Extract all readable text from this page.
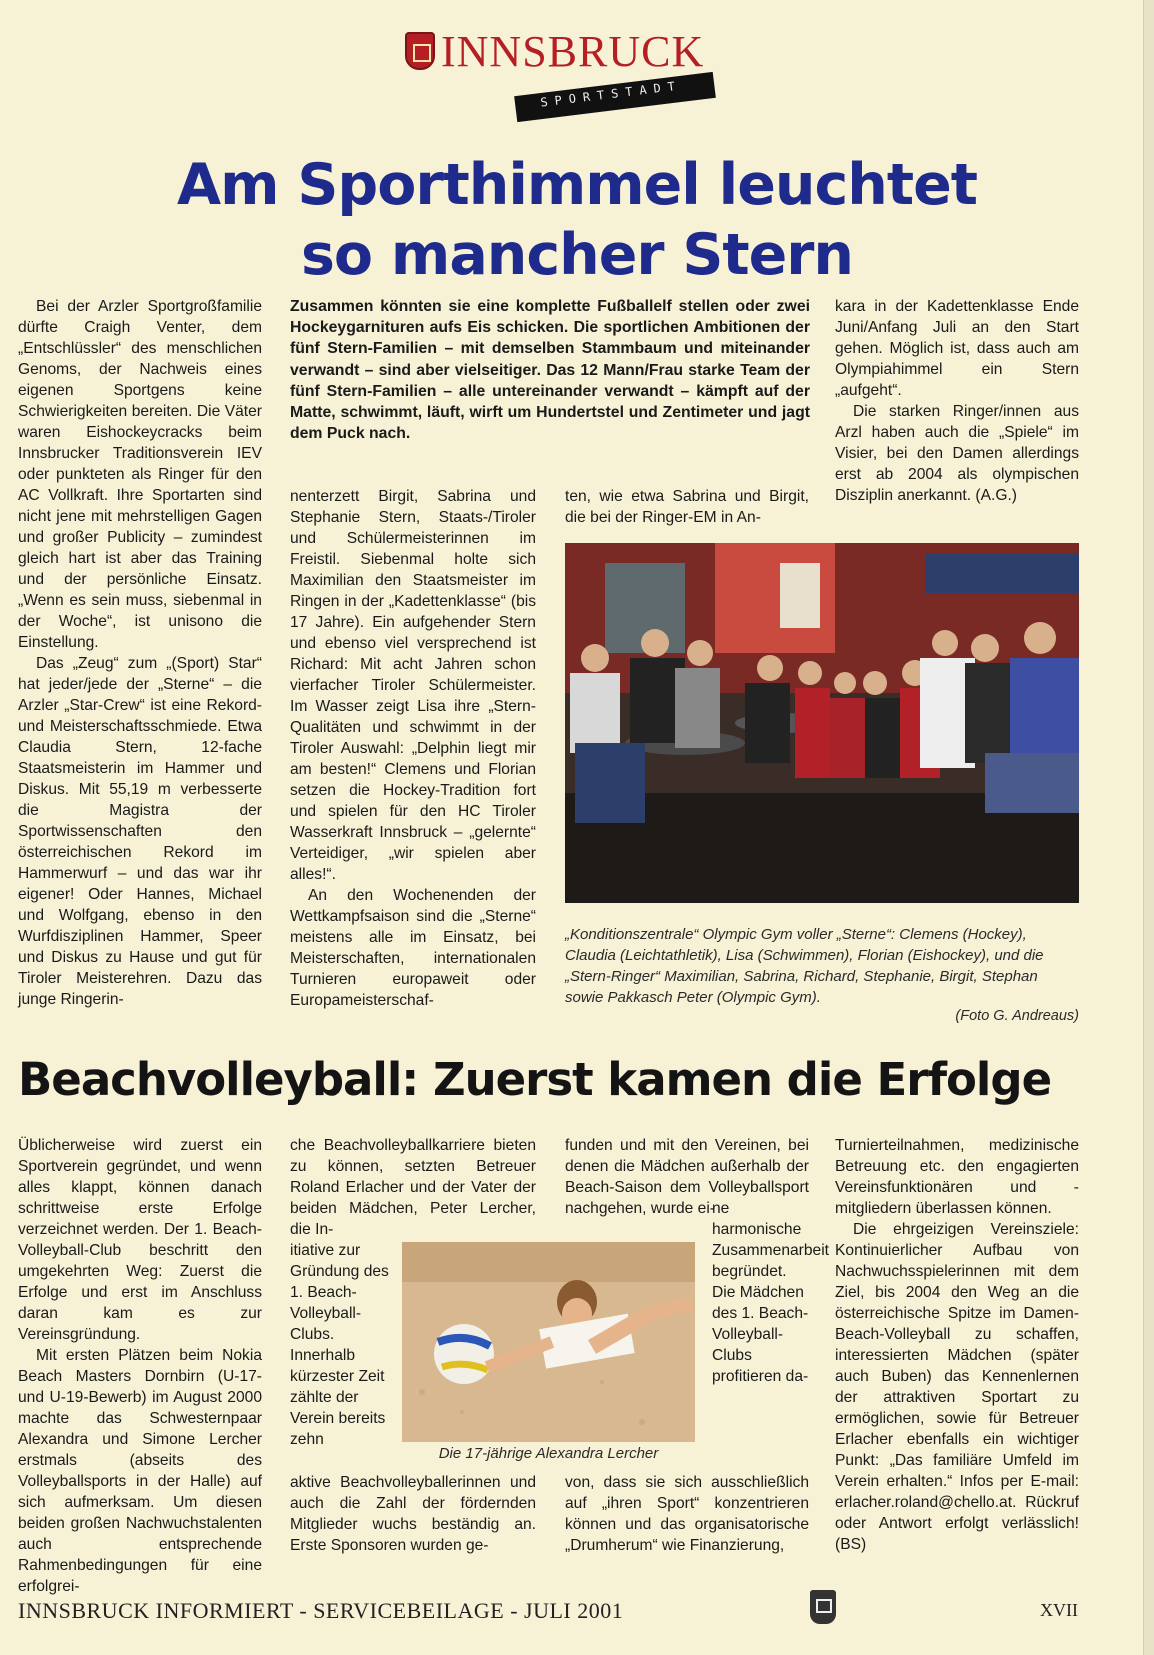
INNSBRUCK
SPORTSTADT
Am Sporthimmel leuchtet
so mancher Stern

Bei der Arzler Sportgroßfamilie dürfte Craigh Venter, dem „Entschlüssler“ des menschlichen Genoms, der Nachweis eines eigenen Sportgens keine Schwierigkeiten bereiten. Die Väter waren Eishockeycracks beim Innsbrucker Traditionsverein IEV oder punkteten als Ringer für den AC Vollkraft. Ihre Sportarten sind nicht jene mit mehrstelligen Gagen und großer Publicity – zumindest gleich hart ist aber das Training und der persönliche Einsatz. „Wenn es sein muss, siebenmal in der Woche“, ist unisono die Einstellung.

Das „Zeug“ zum „(Sport) Star“ hat jeder/jede der „Sterne“ – die Arzler „Star-Crew“ ist eine Rekord- und Meisterschaftsschmiede. Etwa Claudia Stern, 12-fache Staatsmeisterin im Hammer und Diskus. Mit 55,19 m verbesserte die Magistra der Sportwissenschaften den österreichischen Rekord im Hammerwurf – und das war ihr eigener! Oder Hannes, Michael und Wolfgang, ebenso in den Wurfdisziplinen Hammer, Speer und Diskus zu Hause und gut für Tiroler Meisterehren. Dazu das junge Ringerin-

Zusammen könnten sie eine komplette Fußballelf stellen oder zwei Hockeygarnituren aufs Eis schicken. Die sportlichen Ambitionen der fünf Stern-Familien – mit demselben Stammbaum und miteinander verwandt – sind aber vielseitiger. Das 12 Mann/Frau starke Team der fünf Stern-Familien – alle untereinander verwandt – kämpft auf der Matte, schwimmt, läuft, wirft um Hundertstel und Zentimeter und jagt dem Puck nach.

nenterzett Birgit, Sabrina und Stephanie Stern, Staats-/Tiroler und Schülermeisterinnen im Freistil. Siebenmal holte sich Maximilian den Staatsmeister im Ringen in der „Kadettenklasse“ (bis 17 Jahre). Ein aufgehender Stern und ebenso viel versprechend ist Richard: Mit acht Jahren schon vierfacher Tiroler Schülermeister. Im Wasser zeigt Lisa ihre „Stern-Qualitäten und schwimmt in der Tiroler Auswahl: „Delphin liegt mir am besten!“ Clemens und Florian setzen die Hockey-Tradition fort und spielen für den HC Tiroler Wasserkraft Innsbruck – „gelernte“ Verteidiger, „wir spielen aber alles!“.

An den Wochenenden der Wettkampfsaison sind die „Sterne“ meistens alle im Einsatz, bei Meisterschaften, internationalen Turnieren europaweit oder Europameisterschaf-

ten, wie etwa Sabrina und Birgit, die bei der Ringer-EM in An-

kara in der Kadettenklasse Ende Juni/Anfang Juli an den Start gehen. Möglich ist, dass auch am Olympiahimmel ein Stern „aufgeht“.

Die starken Ringer/innen aus Arzl haben auch die „Spiele“ im Visier, bei den Damen allerdings erst ab 2004 als olympischen Disziplin anerkannt. (A.G.)

„Konditionszentrale“ Olympic Gym voller „Sterne“: Clemens (Hockey), Claudia (Leichtathletik), Lisa (Schwimmen), Florian (Eishockey), und die „Stern-Ringer“ Maximilian, Sabrina, Richard, Stephanie, Birgit, Stephan sowie Pakkasch Peter (Olympic Gym).
(Foto G. Andreaus)
Beachvolleyball: Zuerst kamen die Erfolge

Üblicherweise wird zuerst ein Sportverein gegründet, und wenn alles klappt, können danach schrittweise erste Erfolge verzeichnet werden. Der 1. Beach-Volleyball-Club beschritt den umgekehrten Weg: Zuerst die Erfolge und erst im Anschluss daran kam es zur Vereinsgründung.

Mit ersten Plätzen beim Nokia Beach Masters Dornbirn (U-17- und U-19-Bewerb) im August 2000 machte das Schwesternpaar Alexandra und Simone Lercher erstmals (abseits des Volleyballsports in der Halle) auf sich aufmerksam. Um diesen beiden großen Nachwuchstalenten auch entsprechende Rahmenbedingungen für eine erfolgrei-

che Beachvolleyballkarriere bieten zu können, setzten Betreuer Roland Erlacher und der Vater der beiden Mädchen, Peter Lercher, die In-

itiative zur Gründung des 1. Beach-Volleyball-Clubs. Innerhalb kürzester Zeit zählte der Verein bereits zehn

aktive Beachvolleyballerinnen und auch die Zahl der fördernden Mitglieder wuchs beständig an. Erste Sponsoren wurden ge-

funden und mit den Vereinen, bei denen die Mädchen außerhalb der Beach-Saison dem Volleyballsport nachgehen, wurde ei-

ne harmonische Zusammenarbeit begründet.

Die Mädchen des 1. Beach-Volleyball-Clubs profitieren da-

von, dass sie sich ausschließlich auf „ihren Sport“ konzentrieren können und das organisatorische „Drumherum“ wie Finanzierung,

Turnierteilnahmen, medizinische Betreuung etc. den engagierten Vereinsfunktionären und -mitgliedern überlassen können.

Die ehrgeizigen Vereinsziele: Kontinuierlicher Aufbau von Nachwuchsspielerinnen mit dem Ziel, bis 2004 den Weg an die österreichische Spitze im Damen-Beach-Volleyball zu schaffen, interessierten Mädchen (später auch Buben) das Kennenlernen der attraktiven Sportart zu ermöglichen, sowie für Betreuer Erlacher ebenfalls ein wichtiger Punkt: „Das familiäre Umfeld im Verein erhalten.“ Infos per E-mail: erlacher.roland@chello.at. Rückruf oder Antwort erfolgt verlässlich! (BS)

Die 17-jährige Alexandra Lercher
INNSBRUCK INFORMIERT - SERVICEBEILAGE - JULI 2001	XVII
